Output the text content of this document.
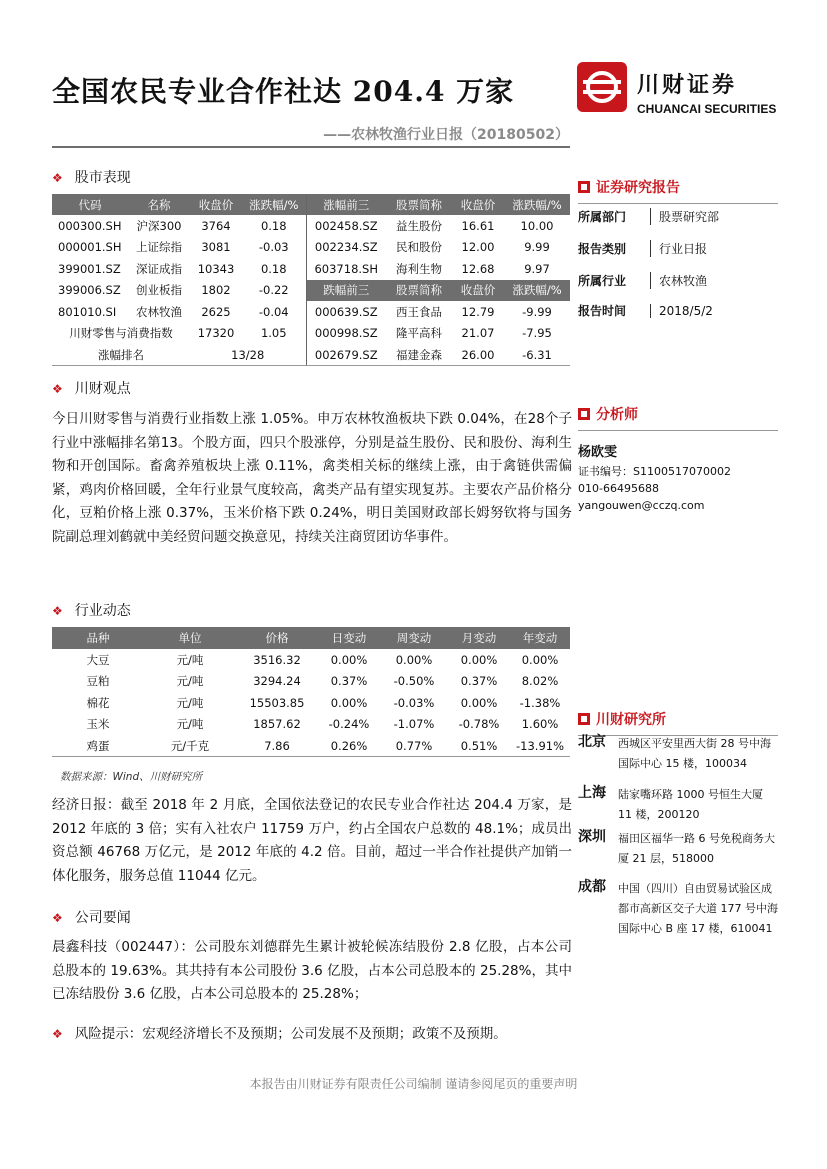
全国农民专业合作社达 204.4 万家
——农林牧渔行业日报（20180502）
川财证券
CHUANCAI SECURITIES
❖ 股市表现
代码	名称	收盘价	涨跌幅/%	涨幅前三	股票简称	收盘价	涨跌幅/%
000300.SH	沪深300	3764	0.18	002458.SZ	益生股份	16.61	10.00
000001.SH	上证综指	3081	-0.03	002234.SZ	民和股份	12.00	9.99
399001.SZ	深证成指	10343	0.18	603718.SH	海利生物	12.68	9.97
399006.SZ	创业板指	1802	-0.22	跌幅前三	股票简称	收盘价	涨跌幅/%
801010.SI	农林牧渔	2625	-0.04	000639.SZ	西王食品	12.79	-9.99
川财零售与消费指数		17320	1.05	000998.SZ	隆平高科	21.07	-7.95
涨幅排名		13/28		002679.SZ	福建金森	26.00	-6.31
❖ 川财观点
今日川财零售与消费行业指数上涨 1.05%。申万农林牧渔板块下跌 0.04%，在28个子行业中涨幅排名第13。个股方面，四只个股涨停，分别是益生股份、民和股份、海利生物和开创国际。畜禽养殖板块上涨 0.11%，禽类相关标的继续上涨，由于禽链供需偏紧，鸡肉价格回暖，全年行业景气度较高，禽类产品有望实现复苏。主要农产品价格分化，豆粕价格上涨 0.37%，玉米价格下跌 0.24%，明日美国财政部长姆努钦将与国务院副总理刘鹤就中美经贸问题交换意见，持续关注商贸团访华事件。
❖ 行业动态
品种	单位	价格	日变动	周变动	月变动	年变动
大豆	元/吨	3516.32	0.00%	0.00%	0.00%	0.00%
豆粕	元/吨	3294.24	0.37%	-0.50%	0.37%	8.02%
棉花	元/吨	15503.85	0.00%	-0.03%	0.00%	-1.38%
玉米	元/吨	1857.62	-0.24%	-1.07%	-0.78%	1.60%
鸡蛋	元/千克	7.86	0.26%	0.77%	0.51%	-13.91%
数据来源：Wind、川财研究所
经济日报：截至 2018 年 2 月底，全国依法登记的农民专业合作社达 204.4 万家，是 2012 年底的 3 倍；实有入社农户 11759 万户，约占全国农户总数的 48.1%；成员出资总额 46768 万亿元，是 2012 年底的 4.2 倍。目前，超过一半合作社提供产加销一体化服务，服务总值 11044 亿元。
❖ 公司要闻
晨鑫科技（002447）：公司股东刘德群先生累计被轮候冻结股份 2.8 亿股，占本公司总股本的 19.63%。其共持有本公司股份 3.6 亿股，占本公司总股本的 25.28%，其中已冻结股份 3.6 亿股，占本公司总股本的 25.28%；
❖ 风险提示：宏观经济增长不及预期；公司发展不及预期；政策不及预期。
证券研究报告
所属部门	股票研究部
报告类别	行业日报
所属行业	农林牧渔
报告时间	2018/5/2
分析师
杨欧雯
证书编号：S1100517070002
010-66495688
yangouwen@cczq.com
川财研究所
北京 西城区平安里西大街 28 号中海国际中心 15 楼，100034
上海 陆家嘴环路 1000 号恒生大厦 11 楼，200120
深圳 福田区福华一路 6 号免税商务大厦 21 层，518000
成都 中国（四川）自由贸易试验区成都市高新区交子大道 177 号中海国际中心 B 座 17 楼，610041
本报告由川财证券有限责任公司编制 谨请参阅尾页的重要声明
